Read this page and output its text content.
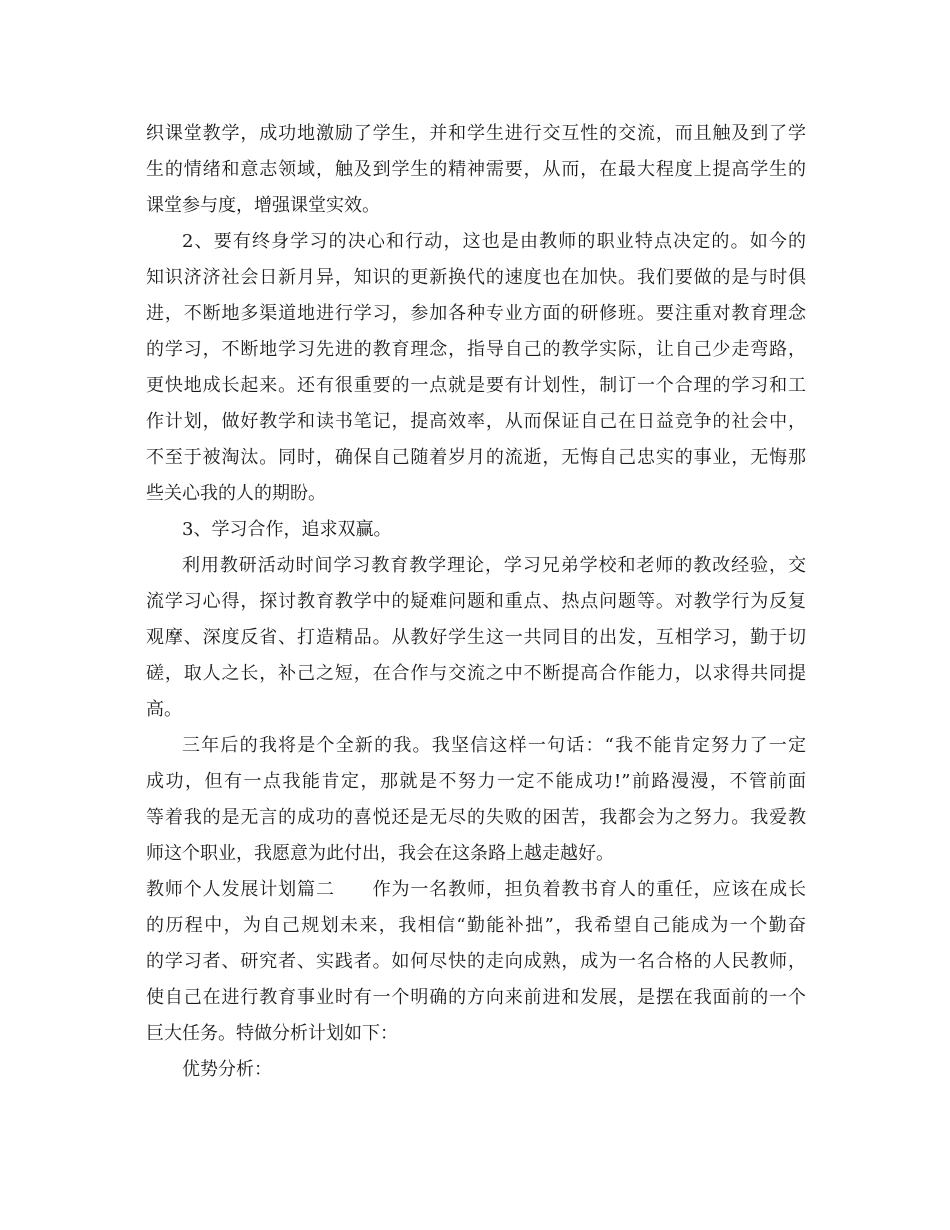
织课堂教学，成功地激励了学生，并和学生进行交互性的交流，而且触及到了学
生的情绪和意志领域，触及到学生的精神需要，从而，在最大程度上提高学生的
课堂参与度，增强课堂实效。
2、要有终身学习的决心和行动，这也是由教师的职业特点决定的。如今的
知识济济社会日新月异，知识的更新换代的速度也在加快。我们要做的是与时俱
进，不断地多渠道地进行学习，参加各种专业方面的研修班。要注重对教育理念
的学习，不断地学习先进的教育理念，指导自己的教学实际，让自己少走弯路，
更快地成长起来。还有很重要的一点就是要有计划性，制订一个合理的学习和工
作计划，做好教学和读书笔记，提高效率，从而保证自己在日益竞争的社会中，
不至于被淘汰。同时，确保自己随着岁月的流逝，无悔自己忠实的事业，无悔那
些关心我的人的期盼。
3、学习合作，追求双赢。
利用教研活动时间学习教育教学理论，学习兄弟学校和老师的教改经验，交
流学习心得，探讨教育教学中的疑难问题和重点、热点问题等。对教学行为反复
观摩、深度反省、打造精品。从教好学生这一共同目的出发，互相学习，勤于切
磋，取人之长，补己之短，在合作与交流之中不断提高合作能力，以求得共同提
高。
三年后的我将是个全新的我。我坚信这样一句话：“我不能肯定努力了一定
成功，但有一点我能肯定，那就是不努力一定不能成功!”前路漫漫，不管前面
等着我的是无言的成功的喜悦还是无尽的失败的困苦，我都会为之努力。我爱教
师这个职业，我愿意为此付出，我会在这条路上越走越好。
教师个人发展计划篇二　　作为一名教师，担负着教书育人的重任，应该在成长
的历程中，为自己规划未来，我相信“勤能补拙”，我希望自己能成为一个勤奋
的学习者、研究者、实践者。如何尽快的走向成熟，成为一名合格的人民教师，
使自己在进行教育事业时有一个明确的方向来前进和发展，是摆在我面前的一个
巨大任务。特做分析计划如下：
优势分析：
